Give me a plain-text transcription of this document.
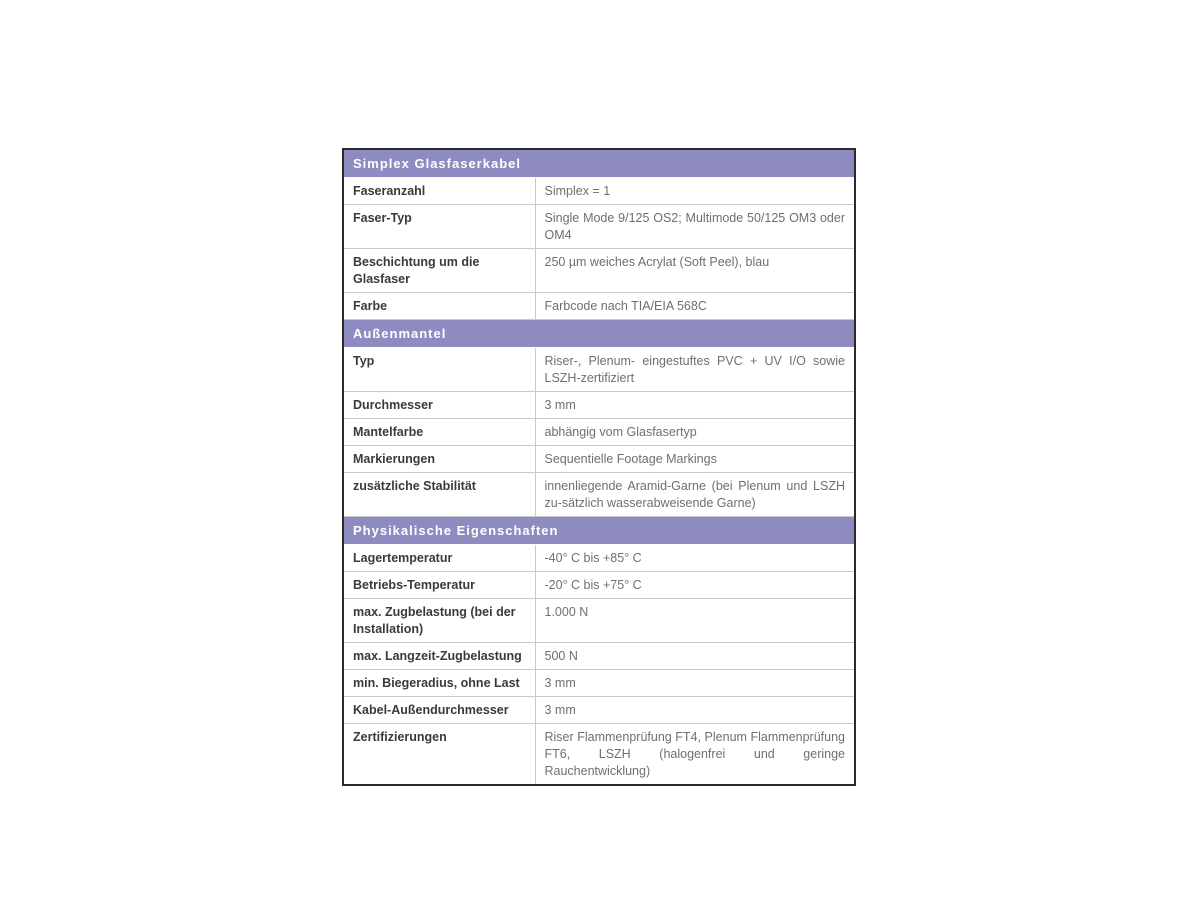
Simplex Glasfaserkabel	
Faseranzahl	Simplex = 1
Faser-Typ	Single Mode 9/125 OS2; Multimode 50/125 OM3 oder OM4
Beschichtung um die Glasfaser	250 µm weiches Acrylat (Soft Peel), blau
Farbe	Farbcode nach TIA/EIA 568C
Außenmantel	
Typ	Riser-, Plenum- eingestuftes PVC + UV I/O sowie LSZH-zertifiziert
Durchmesser	3 mm
Mantelfarbe	abhängig vom Glasfasertyp
Markierungen	Sequentielle Footage Markings
zusätzliche Stabilität	innenliegende Aramid-Garne (bei Plenum und LSZH zu-sätzlich wasserabweisende Garne)
Physikalische Eigenschaften	
Lagertemperatur	-40° C bis +85° C
Betriebs-Temperatur	-20° C bis +75° C
max. Zugbelastung (bei der Installation)	1.000 N
max. Langzeit-Zugbelastung	500 N
min. Biegeradius, ohne Last	3 mm
Kabel-Außendurchmesser	3 mm
Zertifizierungen	Riser Flammenprüfung FT4, Plenum Flammenprüfung FT6, LSZH (halogenfrei und geringe Rauchentwicklung)
